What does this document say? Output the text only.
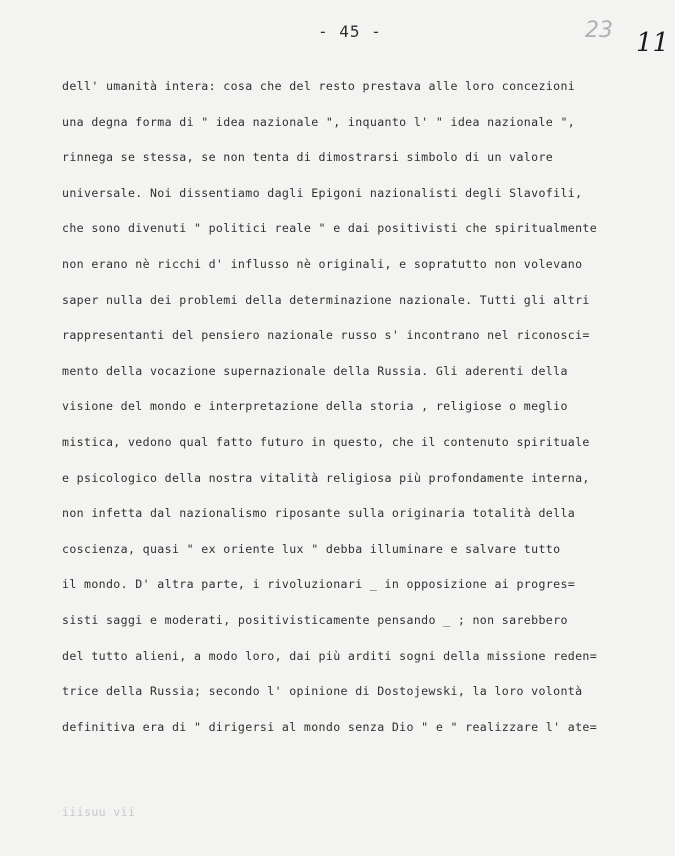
- 45 -	23 11
dell' umanità intera: cosa che del resto prestava alle loro concezioni
una degna forma di " idea nazionale ", inquanto l' " idea nazionale ",
rinnega se stessa, se non tenta di dimostrarsi simbolo di un valore
universale. Noi dissentiamo dagli Epigoni nazionalisti degli Slavofili,
che sono divenuti " politici reale " e dai positivisti che spiritualmente
non erano nè ricchi d' influsso nè originali, e sopratutto non volevano
saper nulla dei problemi della determinazione nazionale. Tutti gli altri
rappresentanti del pensiero nazionale russo s' incontrano nel riconosci=
mento della vocazione supernazionale della Russia. Gli aderenti della
visione del mondo e interpretazione della storia , religiose o meglio
mistica, vedono qual fatto futuro in questo, che il contenuto spirituale
e psicologico della nostra vitalità religiosa più profondamente interna,
non infetta dal nazionalismo riposante sulla originaria totalità della
coscienza, quasi " ex oriente lux " debba illuminare e salvare tutto
il mondo. D' altra parte, i rivoluzionari _ in opposizione ai progres=
sisti saggi e moderati, positivisticamente pensando _ ; non sarebbero
del tutto alieni, a modo loro, dai più arditi sogni della missione reden=
trice della Russia; secondo l' opinione di Dostojewski, la loro volontà
definitiva era di " dirigersi al mondo senza Dio " e " realizzare l' ate=
iiisuu vii
